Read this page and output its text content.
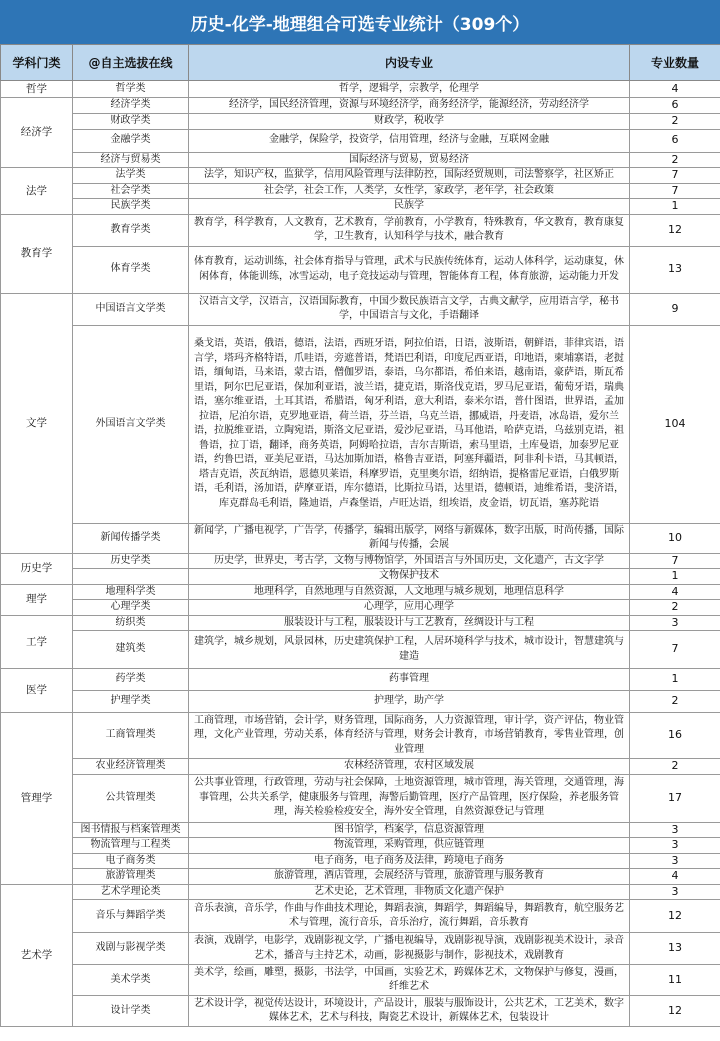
历史-化学-地理组合可选专业统计（309个）
学科门类	@自主选拔在线	内设专业	专业数量
哲学	哲学类	哲学，逻辑学，宗教学，伦理学	4
经济学	经济学类	经济学，国民经济管理，资源与环境经济学，商务经济学，能源经济，劳动经济学	6
	财政学类	财政学，税收学	2
	金融学类	金融学，保险学，投资学，信用管理，经济与金融，互联网金融	6
	经济与贸易类	国际经济与贸易，贸易经济	2
法学	法学类	法学，知识产权，监狱学，信用风险管理与法律防控，国际经贸规则，司法警察学，社区矫正	7
	社会学类	社会学，社会工作，人类学，女性学，家政学，老年学，社会政策	7
	民族学类	民族学	1
教育学	教育学类	教育学，科学教育，人文教育，艺术教育，学前教育，小学教育，特殊教育，华文教育，教育康复学，卫生教育，认知科学与技术，融合教育	12
	体育学类	体育教育，运动训练，社会体育指导与管理，武术与民族传统体育，运动人体科学，运动康复，休闲体育，体能训练，冰雪运动，电子竞技运动与管理，智能体育工程，体育旅游，运动能力开发	13
文学	中国语言文学类	汉语言文学，汉语言，汉语国际教育，中国少数民族语言文学，古典文献学，应用语言学，秘书学，中国语言与文化，手语翻译	9
	外国语言文学类	桑戈语，英语，俄语，德语，法语，西班牙语，阿拉伯语，日语，波斯语，朝鲜语，菲律宾语，语言学，塔玛齐格特语，爪哇语，旁遮普语，梵语巴利语，印度尼西亚语，印地语，柬埔寨语，老挝语，缅甸语，马来语，蒙古语，僧伽罗语，泰语，乌尔都语，希伯来语，越南语，豪萨语，斯瓦希里语，阿尔巴尼亚语，保加利亚语，波兰语，捷克语，斯洛伐克语，罗马尼亚语，葡萄牙语，瑞典语，塞尔维亚语，土耳其语，希腊语，匈牙利语，意大利语，泰米尔语，普什图语，世界语，孟加拉语，尼泊尔语，克罗地亚语，荷兰语，芬兰语，乌克兰语，挪威语，丹麦语，冰岛语，爱尔兰语，拉脱维亚语，立陶宛语，斯洛文尼亚语，爱沙尼亚语，马耳他语，哈萨克语，乌兹别克语，祖鲁语，拉丁语，翻译，商务英语，阿姆哈拉语，吉尔吉斯语，索马里语，土库曼语，加泰罗尼亚语，约鲁巴语，亚美尼亚语，马达加斯加语，格鲁吉亚语，阿塞拜疆语，阿非利卡语，马其顿语，塔吉克语，茨瓦纳语，恩德贝莱语，科摩罗语，克里奥尔语，绍纳语，提格雷尼亚语，白俄罗斯语，毛利语，汤加语，萨摩亚语，库尔德语，比斯拉马语，达里语，德顿语，迪维希语，斐济语，库克群岛毛利语，隆迪语，卢森堡语，卢旺达语，纽埃语，皮金语，切瓦语，塞苏陀语	104
	新闻传播学类	新闻学，广播电视学，广告学，传播学，编辑出版学，网络与新媒体，数字出版，时尚传播，国际新闻与传播，会展	10
历史学	历史学类	历史学，世界史，考古学，文物与博物馆学，外国语言与外国历史，文化遗产，古文字学	7
		文物保护技术	1
理学	地理科学类	地理科学，自然地理与自然资源，人文地理与城乡规划，地理信息科学	4
	心理学类	心理学，应用心理学	2
工学	纺织类	服装设计与工程，服装设计与工艺教育，丝绸设计与工程	3
	建筑类	建筑学，城乡规划，风景园林，历史建筑保护工程，人居环境科学与技术，城市设计，智慧建筑与建造	7
医学	药学类	药事管理	1
	护理学类	护理学，助产学	2
管理学	工商管理类	工商管理，市场营销，会计学，财务管理，国际商务，人力资源管理，审计学，资产评估，物业管理，文化产业管理，劳动关系，体育经济与管理，财务会计教育，市场营销教育，零售业管理，创业管理	16
	农业经济管理类	农林经济管理，农村区域发展	2
	公共管理类	公共事业管理，行政管理，劳动与社会保障，土地资源管理，城市管理，海关管理，交通管理，海事管理，公共关系学，健康服务与管理，海警后勤管理，医疗产品管理，医疗保险，养老服务管理，海关检验检疫安全，海外安全管理，自然资源登记与管理	17
	图书情报与档案管理类	图书馆学，档案学，信息资源管理	3
	物流管理与工程类	物流管理，采购管理，供应链管理	3
	电子商务类	电子商务，电子商务及法律，跨境电子商务	3
	旅游管理类	旅游管理，酒店管理，会展经济与管理，旅游管理与服务教育	4
艺术学	艺术学理论类	艺术史论，艺术管理，非物质文化遗产保护	3
	音乐与舞蹈学类	音乐表演，音乐学，作曲与作曲技术理论，舞蹈表演，舞蹈学，舞蹈编导，舞蹈教育，航空服务艺术与管理，流行音乐，音乐治疗，流行舞蹈，音乐教育	12
	戏剧与影视学类	表演，戏剧学，电影学，戏剧影视文学，广播电视编导，戏剧影视导演，戏剧影视美术设计，录音艺术，播音与主持艺术，动画，影视摄影与制作，影视技术，戏剧教育	13
	美术学类	美术学，绘画，雕塑，摄影，书法学，中国画，实验艺术，跨媒体艺术，文物保护与修复，漫画，纤维艺术	11
	设计学类	艺术设计学，视觉传达设计，环境设计，产品设计，服装与服饰设计，公共艺术，工艺美术，数字媒体艺术，艺术与科技，陶瓷艺术设计，新媒体艺术，包装设计	12
